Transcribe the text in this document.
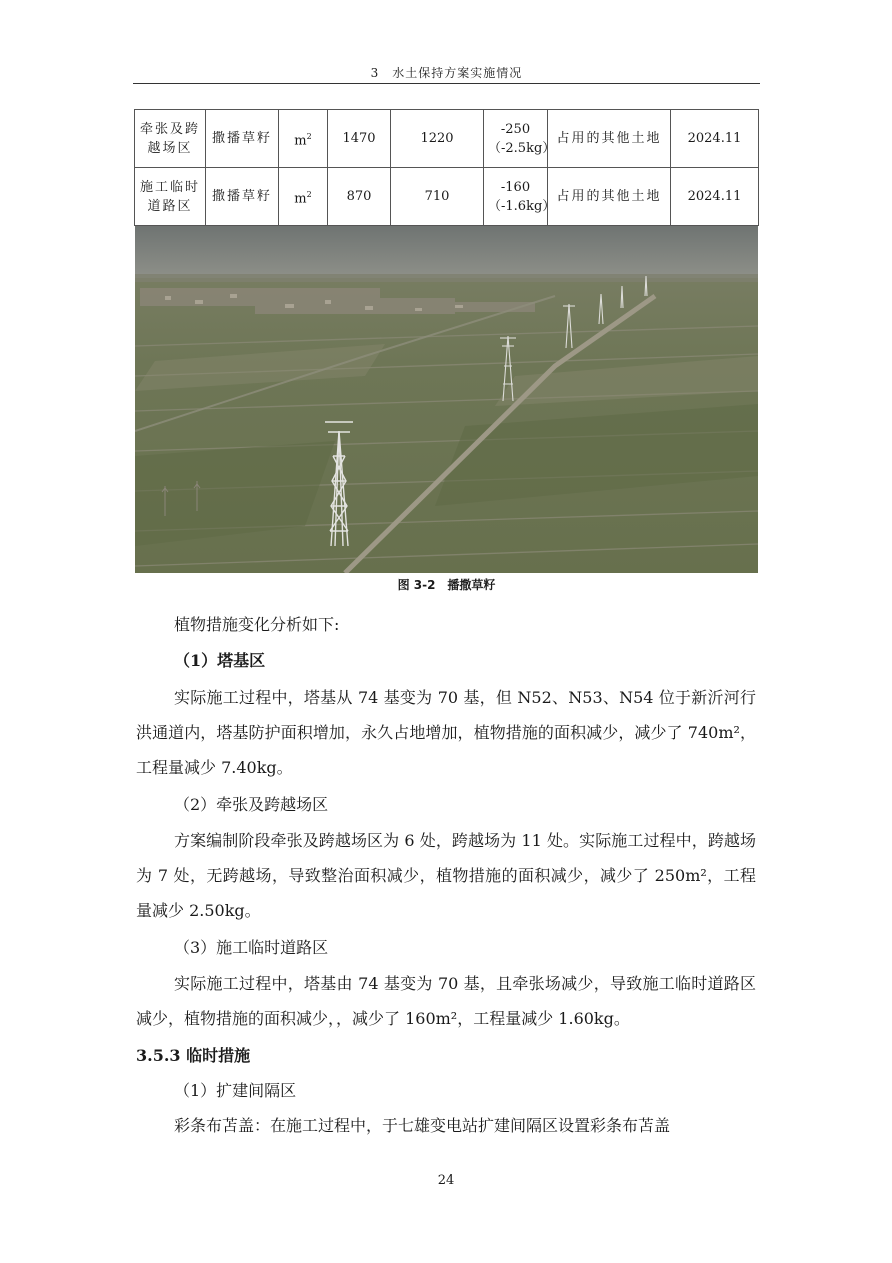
3　水土保持方案实施情况
牵张及跨越场区	撒播草籽	$m^2$	1470	1220	-250（-2.5kg）	占用的其他土地	2024.11
施工临时道路区	撒播草籽	$m^2$	870	710	-160（-1.6kg）	占用的其他土地	2024.11
图 3-2　播撒草籽
植物措施变化分析如下:
（1）塔基区
实际施工过程中，塔基从 74 基变为 70 基，但 N52、N53、N54 位于新沂河行洪通道内，塔基防护面积增加，永久占地增加，植物措施的面积减少，减少了 740m²，工程量减少 7.40kg。
（2）牵张及跨越场区
方案编制阶段牵张及跨越场区为 6 处，跨越场为 11 处。实际施工过程中，跨越场为 7 处，无跨越场，导致整治面积减少，植物措施的面积减少，减少了 250m²，工程量减少 2.50kg。
（3）施工临时道路区
实际施工过程中，塔基由 74 基变为 70 基，且牵张场减少，导致施工临时道路区减少，植物措施的面积减少，，减少了 160m²，工程量减少 1.60kg。
3.5.3 临时措施
（1）扩建间隔区
彩条布苫盖：在施工过程中，于七雄变电站扩建间隔区设置彩条布苫盖
24
